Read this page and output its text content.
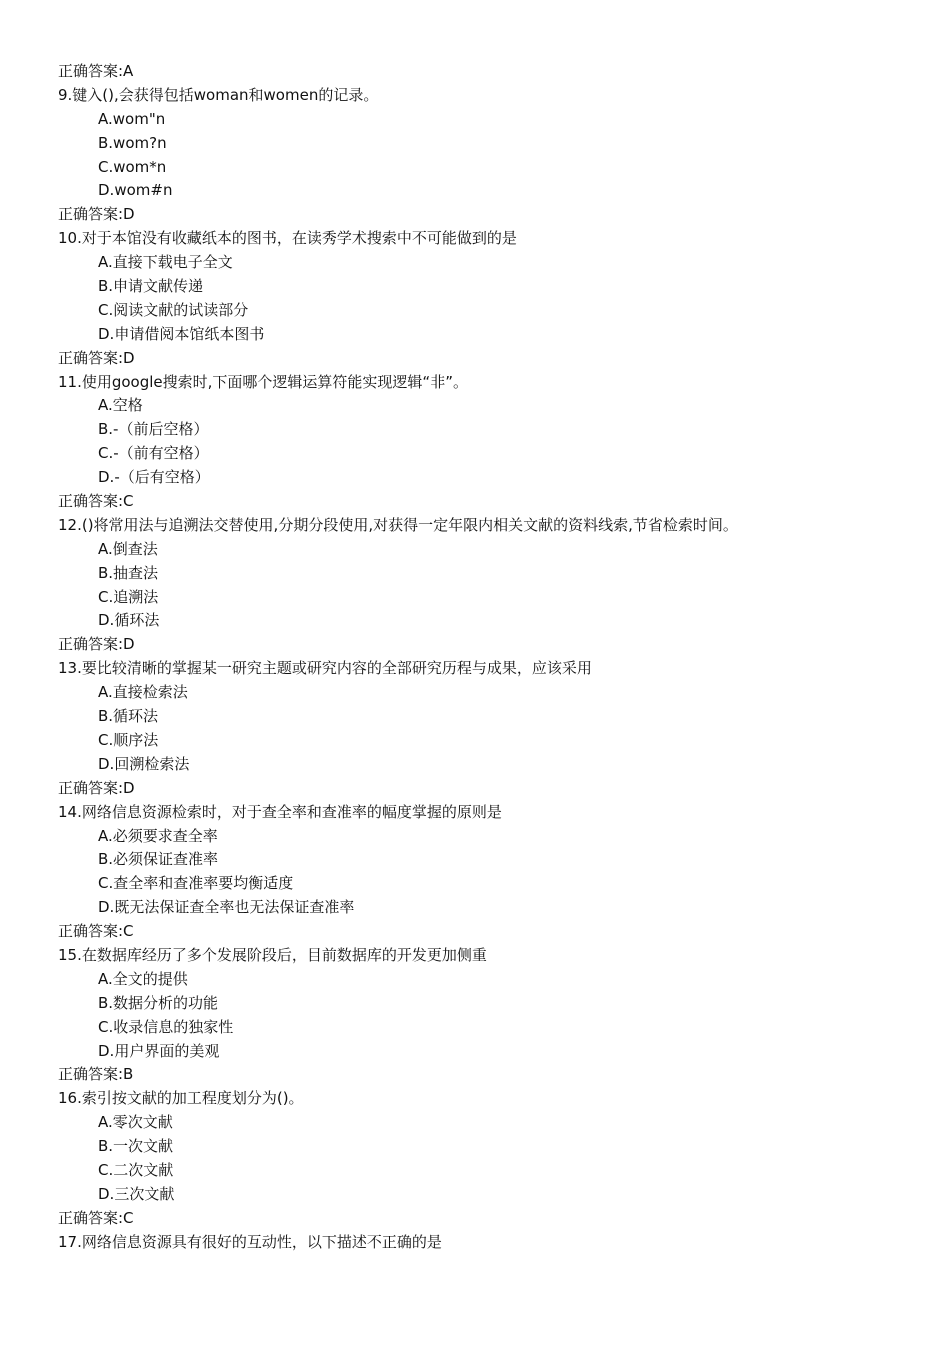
正确答案:A
9.键入(),会获得包括woman和women的记录。
A.wom"n
B.wom?n
C.wom*n
D.wom#n
正确答案:D
10.对于本馆没有收藏纸本的图书，在读秀学术搜索中不可能做到的是
A.直接下载电子全文
B.申请文献传递
C.阅读文献的试读部分
D.申请借阅本馆纸本图书
正确答案:D
11.使用google搜索时,下面哪个逻辑运算符能实现逻辑“非”。
A.空格
B.-（前后空格）
C.-（前有空格）
D.-（后有空格）
正确答案:C
12.()将常用法与追溯法交替使用,分期分段使用,对获得一定年限内相关文献的资料线索,节省检索时间。
A.倒查法
B.抽查法
C.追溯法
D.循环法
正确答案:D
13.要比较清晰的掌握某一研究主题或研究内容的全部研究历程与成果，应该采用
A.直接检索法
B.循环法
C.顺序法
D.回溯检索法
正确答案:D
14.网络信息资源检索时，对于查全率和查准率的幅度掌握的原则是
A.必须要求查全率
B.必须保证查准率
C.查全率和查准率要均衡适度
D.既无法保证查全率也无法保证查准率
正确答案:C
15.在数据库经历了多个发展阶段后，目前数据库的开发更加侧重
A.全文的提供
B.数据分析的功能
C.收录信息的独家性
D.用户界面的美观
正确答案:B
16.索引按文献的加工程度划分为()。
A.零次文献
B.一次文献
C.二次文献
D.三次文献
正确答案:C
17.网络信息资源具有很好的互动性，以下描述不正确的是
